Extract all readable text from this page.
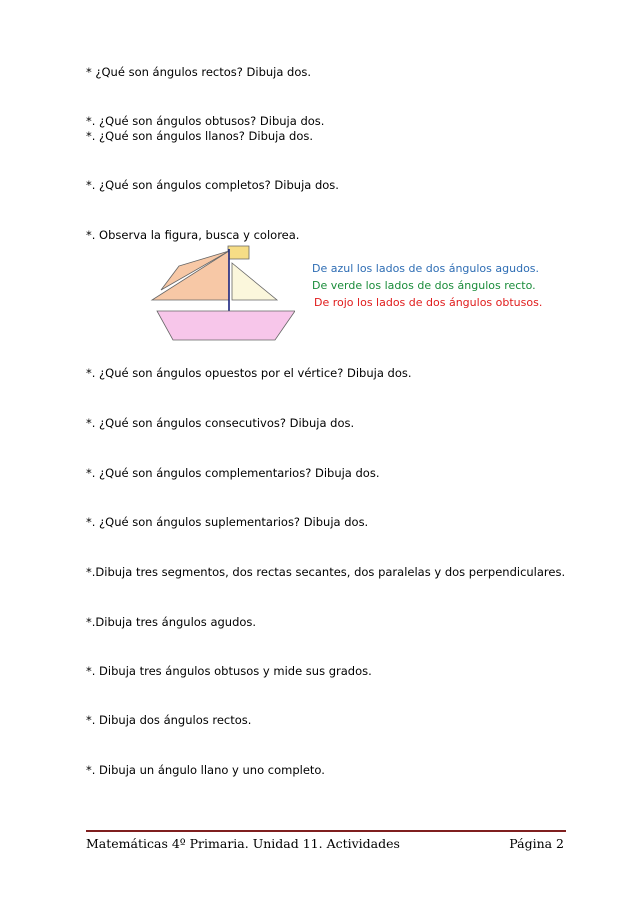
* ¿Qué son ángulos rectos? Dibuja dos.

*. ¿Qué son ángulos obtusos? Dibuja dos.

*. ¿Qué son ángulos llanos? Dibuja dos.

*. ¿Qué son ángulos completos? Dibuja dos.

*. Observa la figura, busca y colorea.

De azul los lados de dos ángulos agudos.

De verde los lados de dos ángulos recto.

De rojo los lados de dos ángulos obtusos.

*. ¿Qué son ángulos opuestos por el vértice? Dibuja dos.

*. ¿Qué son ángulos consecutivos? Dibuja dos.

*. ¿Qué son ángulos complementarios? Dibuja dos.

*. ¿Qué son ángulos suplementarios? Dibuja dos.

*.Dibuja tres segmentos, dos rectas secantes, dos paralelas y dos perpendiculares.

*.Dibuja tres ángulos agudos.

*. Dibuja tres ángulos obtusos y mide sus grados.

*. Dibuja dos ángulos rectos.

*. Dibuja un ángulo llano y uno completo.

Matemáticas 4º Primaria. Unidad 11. Actividades	Página 2
